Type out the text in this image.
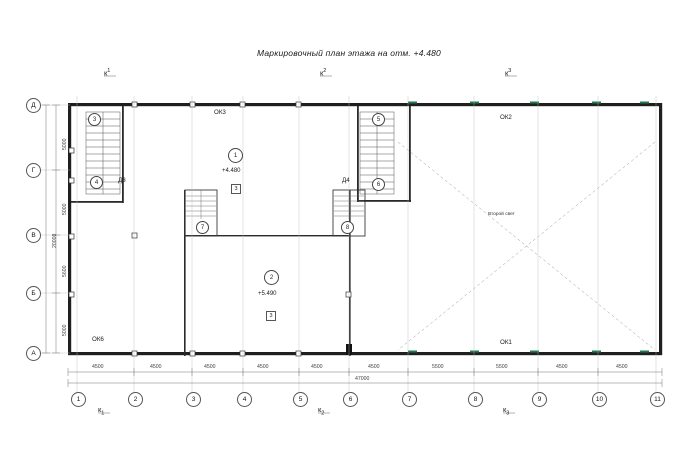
Маркировочный план этажа на отм. +4.480
$к^1$	$к^2$	$к^3$
$к_1$	$к_2$	$к_3$
Д
Г
В
Б
А
1	2	3	4	5	6	7	8	9	10	11
4500	4500	4500	4500	4500	4500	5500	5500	4500	4500
47000
5000
5000
5600
5000
20000
1
+4.480
3
2
+5.490
3
3
4
5
6
7	8
ОК3
ОК2
ОК6	ОК1
Д3	Д4
Второй свет
